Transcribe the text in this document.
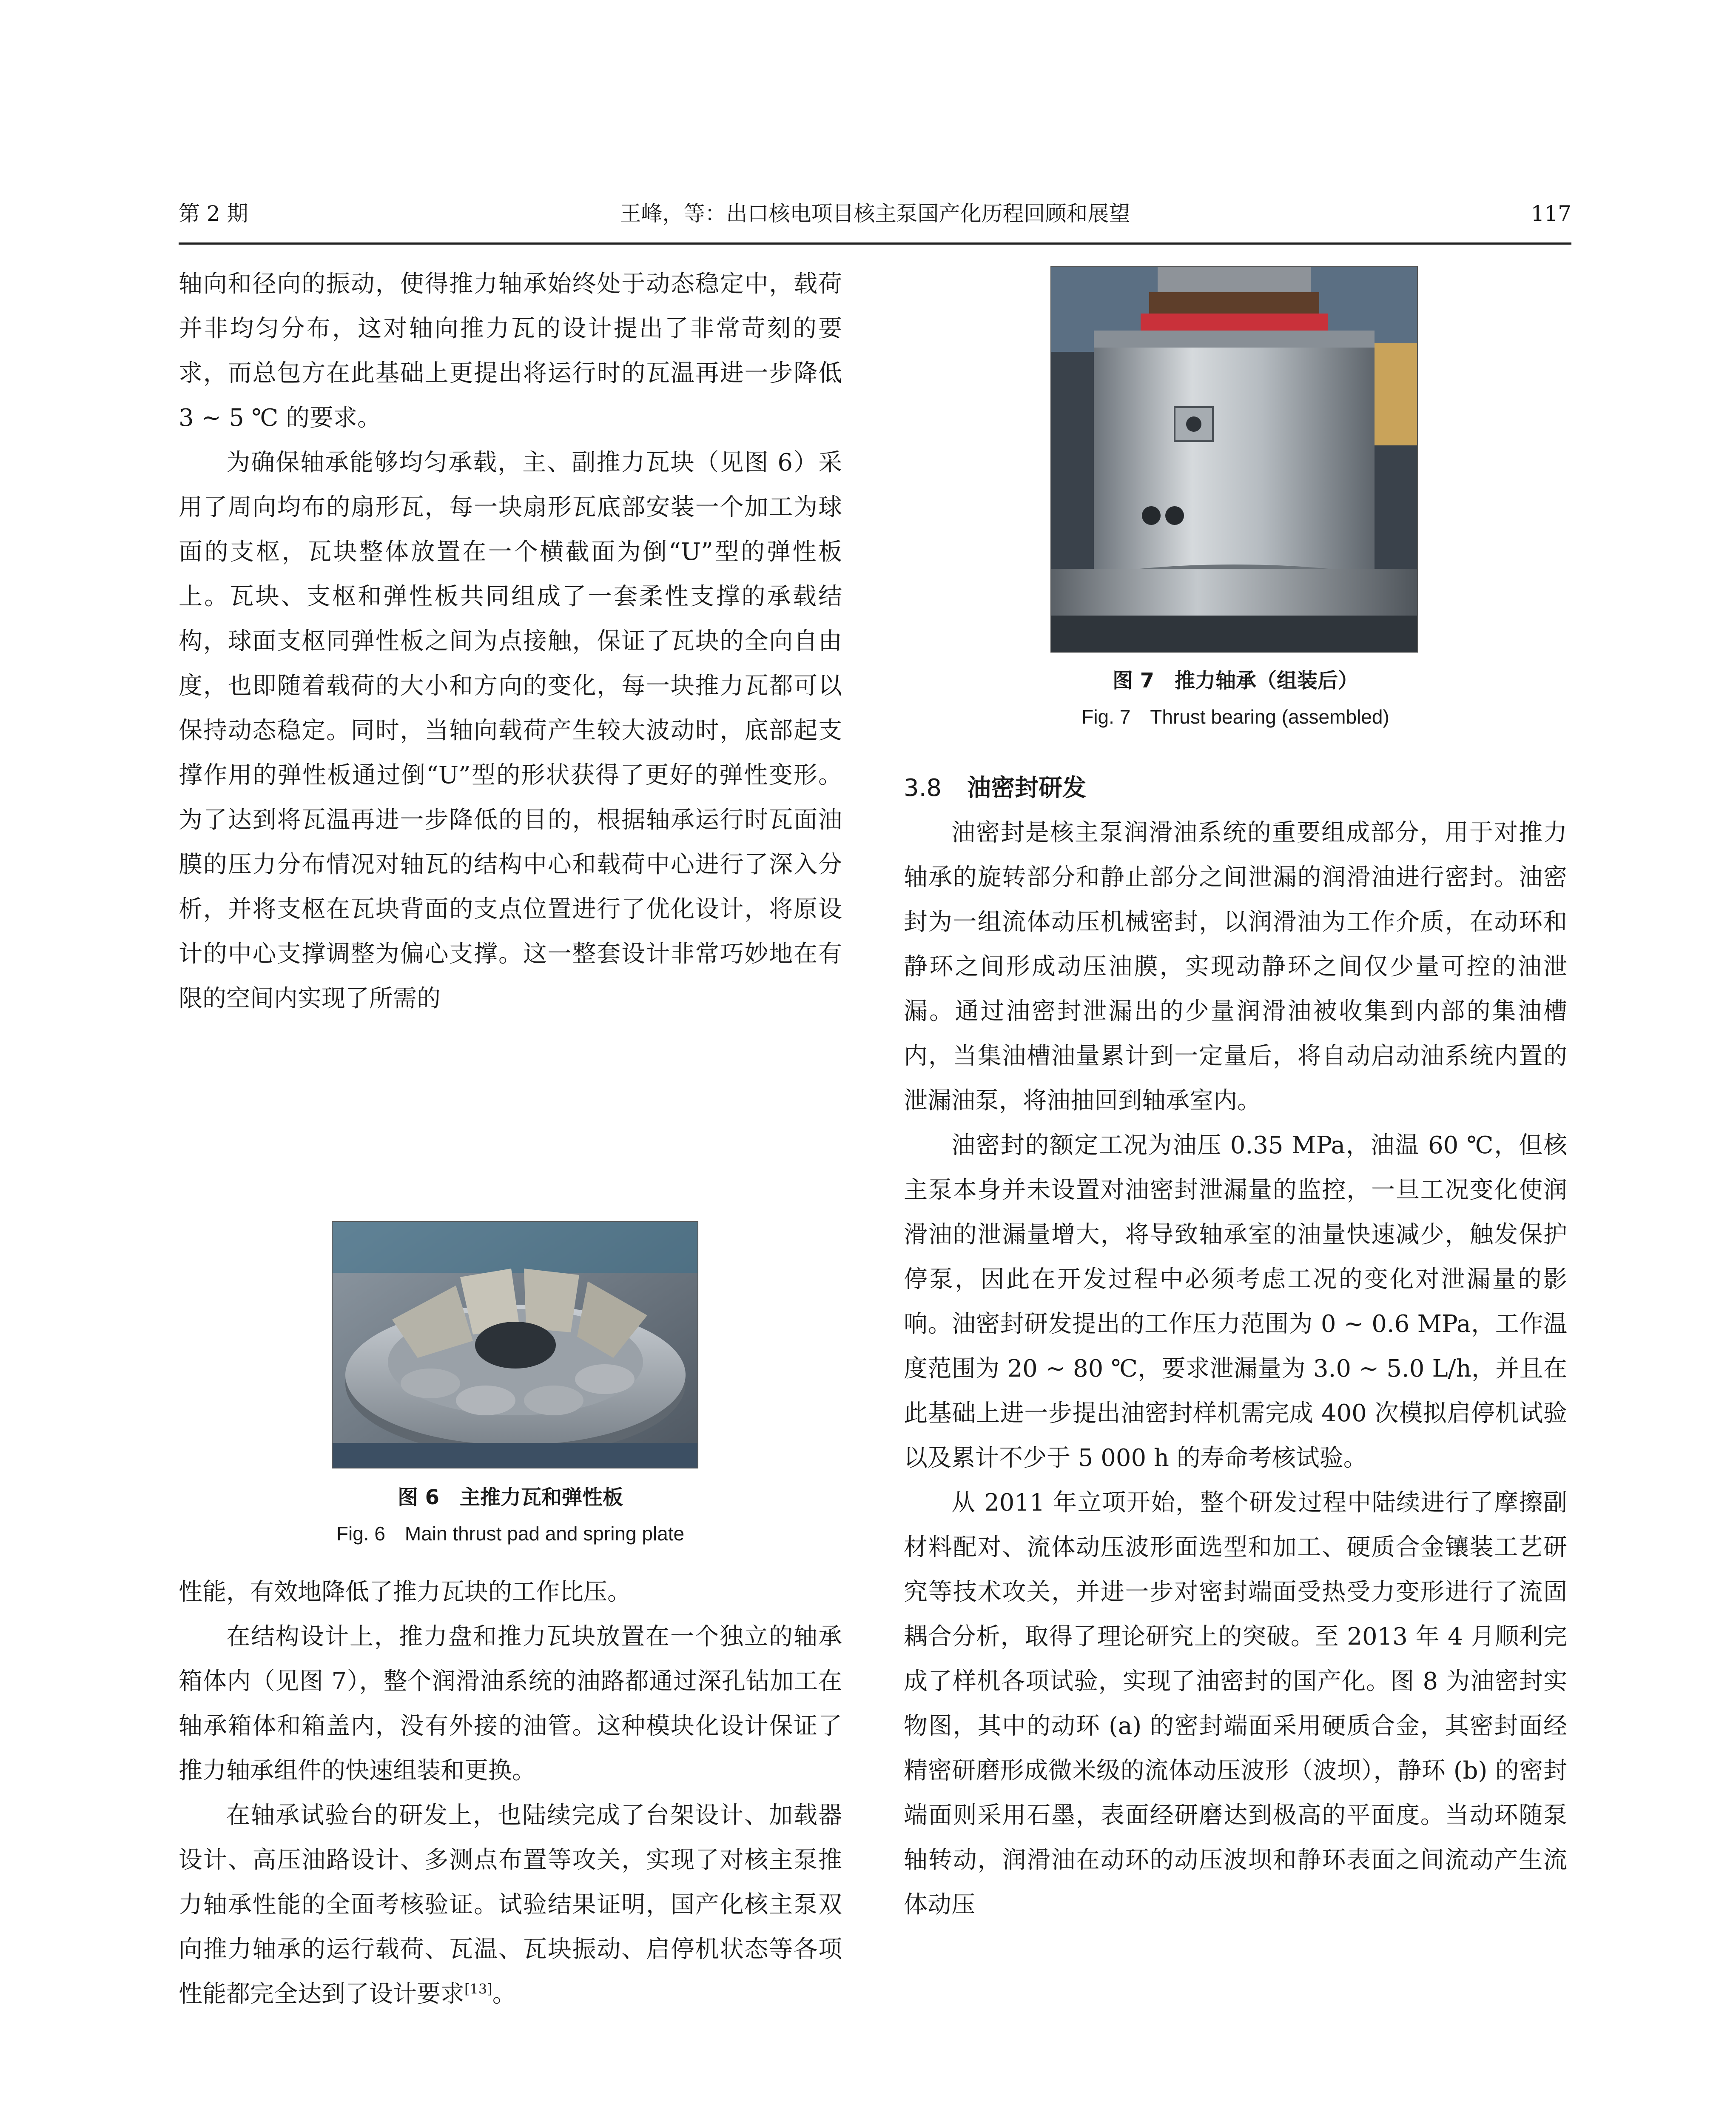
第 2 期	王峰，等：出口核电项目核主泵国产化历程回顾和展望	117

轴向和径向的振动，使得推力轴承始终处于动态稳定中，载荷并非均匀分布，这对轴向推力瓦的设计提出了非常苛刻的要求，而总包方在此基础上更提出将运行时的瓦温再进一步降低 3 ~ 5 ℃ 的要求。

为确保轴承能够均匀承载，主、副推力瓦块（见图 6）采用了周向均布的扇形瓦，每一块扇形瓦底部安装一个加工为球面的支枢，瓦块整体放置在一个横截面为倒“U”型的弹性板上。瓦块、支枢和弹性板共同组成了一套柔性支撑的承载结构，球面支枢同弹性板之间为点接触，保证了瓦块的全向自由度，也即随着载荷的大小和方向的变化，每一块推力瓦都可以保持动态稳定。同时，当轴向载荷产生较大波动时，底部起支撑作用的弹性板通过倒“U”型的形状获得了更好的弹性变形。为了达到将瓦温再进一步降低的目的，根据轴承运行时瓦面油膜的压力分布情况对轴瓦的结构中心和载荷中心进行了深入分析，并将支枢在瓦块背面的支点位置进行了优化设计，将原设计的中心支撑调整为偏心支撑。这一整套设计非常巧妙地在有限的空间内实现了所需的

图 6　主推力瓦和弹性板
Fig. 6　Main thrust pad and spring plate

性能，有效地降低了推力瓦块的工作比压。

在结构设计上，推力盘和推力瓦块放置在一个独立的轴承箱体内（见图 7），整个润滑油系统的油路都通过深孔钻加工在轴承箱体和箱盖内，没有外接的油管。这种模块化设计保证了推力轴承组件的快速组装和更换。

在轴承试验台的研发上，也陆续完成了台架设计、加载器设计、高压油路设计、多测点布置等攻关，实现了对核主泵推力轴承性能的全面考核验证。试验结果证明，国产化核主泵双向推力轴承的运行载荷、瓦温、瓦块振动、启停机状态等各项性能都完全达到了设计要求[13]。

图 7　推力轴承（组装后）
Fig. 7　Thrust bearing (assembled)
3.8 油密封研发

油密封是核主泵润滑油系统的重要组成部分，用于对推力轴承的旋转部分和静止部分之间泄漏的润滑油进行密封。油密封为一组流体动压机械密封，以润滑油为工作介质，在动环和静环之间形成动压油膜，实现动静环之间仅少量可控的油泄漏。通过油密封泄漏出的少量润滑油被收集到内部的集油槽内，当集油槽油量累计到一定量后，将自动启动油系统内置的泄漏油泵，将油抽回到轴承室内。

油密封的额定工况为油压 0.35 MPa，油温 60 ℃，但核主泵本身并未设置对油密封泄漏量的监控，一旦工况变化使润滑油的泄漏量增大，将导致轴承室的油量快速减少，触发保护停泵，因此在开发过程中必须考虑工况的变化对泄漏量的影响。油密封研发提出的工作压力范围为 0 ~ 0.6 MPa，工作温度范围为 20 ~ 80 ℃，要求泄漏量为 3.0 ~ 5.0 L/h，并且在此基础上进一步提出油密封样机需完成 400 次模拟启停机试验以及累计不少于 5 000 h 的寿命考核试验。

从 2011 年立项开始，整个研发过程中陆续进行了摩擦副材料配对、流体动压波形面选型和加工、硬质合金镶装工艺研究等技术攻关，并进一步对密封端面受热受力变形进行了流固耦合分析，取得了理论研究上的突破。至 2013 年 4 月顺利完成了样机各项试验，实现了油密封的国产化。图 8 为油密封实物图，其中的动环 (a) 的密封端面采用硬质合金，其密封面经精密研磨形成微米级的流体动压波形（波坝），静环 (b) 的密封端面则采用石墨，表面经研磨达到极高的平面度。当动环随泵轴转动，润滑油在动环的动压波坝和静环表面之间流动产生流体动压
